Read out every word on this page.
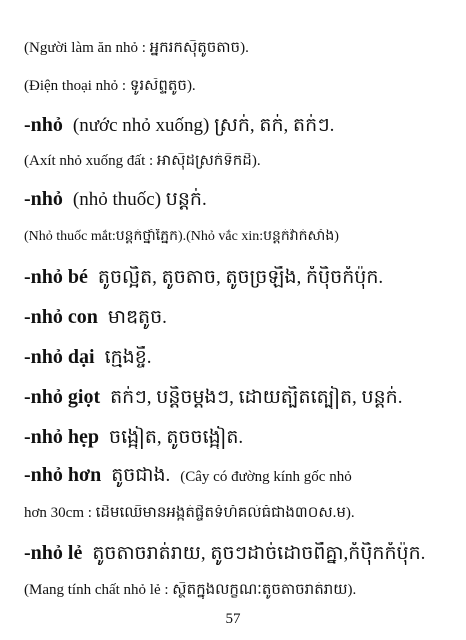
(Người làm ăn nhỏ : អ្នករកស៊ីតូចតាច).
(Điện thoại nhỏ : ទូរស័ព្ទតូច).
-nhỏ (nước nhỏ xuống) ស្រក់, តក់, តក់ៗ.
(Axít nhỏ xuống đất : អាស៊ីដស្រក់ទឹកដី).
-nhỏ (nhỏ thuốc) បន្តក់.
(Nhỏ thuốc mắt:បន្តក់ថ្នាំភ្នែក).(Nhỏ vắc xin:បន្តក់វ៉ាក់សាំង)
-nhỏ bé តូចល្អិត, តូចតាច, តូចច្រឡឹង, កំប៉ិចកំប៉ុក.
-nhỏ con មាឌតូច.
-nhỏ dại ក្មេងខ្ចី.
-nhỏ giọt តក់ៗ, បន្តិចម្តងៗ, ដោយត្បិតត្បៀត, បន្តក់.
-nhỏ hẹp ចង្អៀត, តូចចង្អៀត.
-nhỏ hơn តូចជាង. (Cây có đường kính gốc nhỏ
hơn 30cm : ដើមឈើមានអង្កត់ផ្ចិតទំហំគល់ធំជាង៣០ស.ម).
-nhỏ lẻ តូចតាចរាត់រាយ, តូចៗដាច់ដោចពីគ្នា,កំប៉ិកកំប៉ុក.
(Mang tính chất nhỏ lẻ : ស្ថិតក្នុងលក្ខណៈតូចតាចរាត់រាយ).
57
